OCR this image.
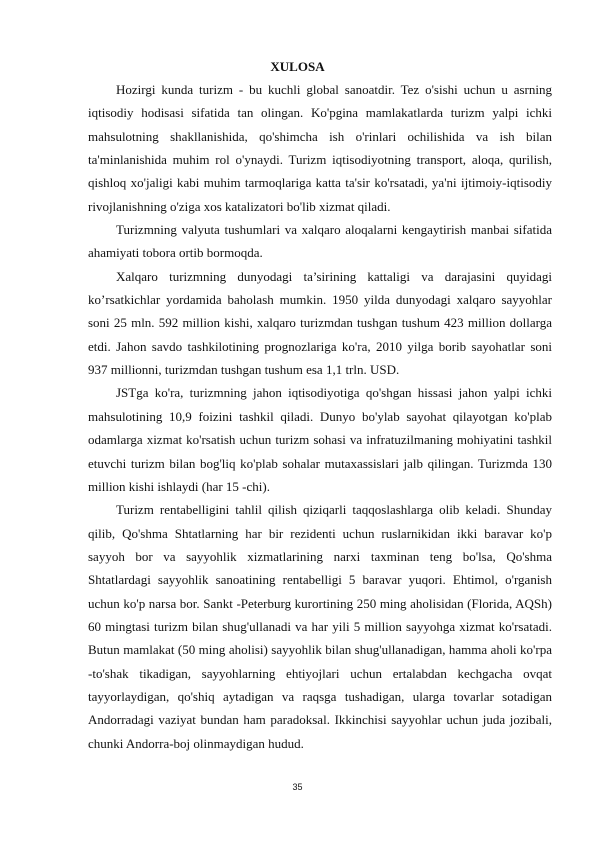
XULOSA

Hozirgi kunda turizm - bu kuchli global sanoatdir. Tez o'sishi uchun u asrning iqtisodiy hodisasi sifatida tan olingan. Ko'pgina mamlakatlarda turizm yalpi ichki mahsulotning shakllanishida, qo'shimcha ish o'rinlari ochilishida va ish bilan ta'minlanishida muhim rol o'ynaydi. Turizm iqtisodiyotning transport, aloqa, qurilish, qishloq xo'jaligi kabi muhim tarmoqlariga katta ta'sir ko'rsatadi, ya'ni ijtimoiy-iqtisodiy rivojlanishning o'ziga xos katalizatori bo'lib xizmat qiladi.

Turizmning valyuta tushumlari va xalqaro aloqalarni kengaytirish manbai sifatida ahamiyati tobora ortib bormoqda.

Xalqaro turizmning dunyodagi ta’sirining kattaligi va darajasini quyidagi ko’rsatkichlar yordamida baholash mumkin. 1950 yilda dunyodagi xalqaro sayyohlar soni 25 mln. 592 million kishi, xalqaro turizmdan tushgan tushum 423 million dollarga etdi. Jahon savdo tashkilotining prognozlariga ko'ra, 2010 yilga borib sayohatlar soni 937 millionni, turizmdan tushgan tushum esa 1,1 trln. USD.

JSTga ko'ra, turizmning jahon iqtisodiyotiga qo'shgan hissasi jahon yalpi ichki mahsulotining 10,9 foizini tashkil qiladi. Dunyo bo'ylab sayohat qilayotgan ko'plab odamlarga xizmat ko'rsatish uchun turizm sohasi va infratuzilmaning mohiyatini tashkil etuvchi turizm bilan bog'liq ko'plab sohalar mutaxassislari jalb qilingan. Turizmda 130 million kishi ishlaydi (har 15 -chi).

Turizm rentabelligini tahlil qilish qiziqarli taqqoslashlarga olib keladi. Shunday qilib, Qo'shma Shtatlarning har bir rezidenti uchun ruslarnikidan ikki baravar ko'p sayyoh bor va sayyohlik xizmatlarining narxi taxminan teng bo'lsa, Qo'shma Shtatlardagi sayyohlik sanoatining rentabelligi 5 baravar yuqori. Ehtimol, o'rganish uchun ko'p narsa bor. Sankt -Peterburg kurortining 250 ming aholisidan (Florida, AQSh) 60 mingtasi turizm bilan shug'ullanadi va har yili 5 million sayyohga xizmat ko'rsatadi. Butun mamlakat (50 ming aholisi) sayyohlik bilan shug'ullanadigan, hamma aholi ko'rpa -to'shak tikadigan, sayyohlarning ehtiyojlari uchun ertalabdan kechgacha ovqat tayyorlaydigan, qo'shiq aytadigan va raqsga tushadigan, ularga tovarlar sotadigan Andorradagi vaziyat bundan ham paradoksal. Ikkinchisi sayyohlar uchun juda jozibali, chunki Andorra-boj olinmaydigan hudud.

35
